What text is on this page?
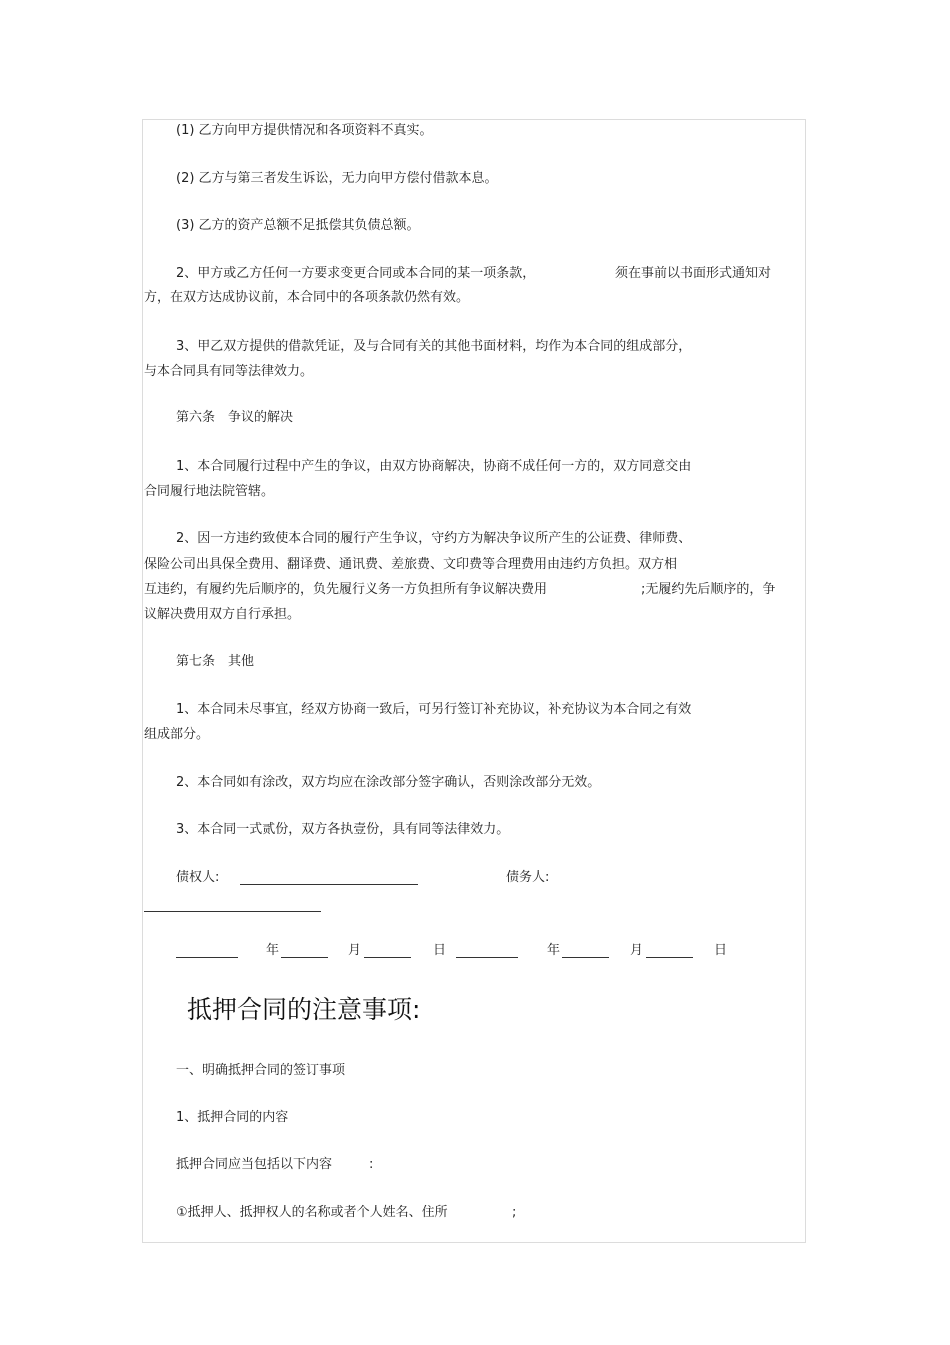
(1) 乙方向甲方提供情况和各项资料不真实。
(2) 乙方与第三者发生诉讼，无力向甲方偿付借款本息。
(3) 乙方的资产总额不足抵偿其负债总额。
2、甲方或乙方任何一方要求变更合同或本合同的某一项条款，	须在事前以书面形式通知对
方，在双方达成协议前，本合同中的各项条款仍然有效。
3、甲乙双方提供的借款凭证，及与合同有关的其他书面材料，均作为本合同的组成部分，
与本合同具有同等法律效力。
第六条　争议的解决
1、本合同履行过程中产生的争议，由双方协商解决，协商不成任何一方的，双方同意交由
合同履行地法院管辖。
2、因一方违约致使本合同的履行产生争议，守约方为解决争议所产生的公证费、律师费、
保险公司出具保全费用、翻译费、通讯费、差旅费、文印费等合理费用由违约方负担。双方相
互违约，有履约先后顺序的，负先履行义务一方负担所有争议解决费用	;无履约先后顺序的，争
议解决费用双方自行承担。
第七条　其他
1、本合同未尽事宜，经双方协商一致后，可另行签订补充协议，补充协议为本合同之有效
组成部分。
2、本合同如有涂改，双方均应在涂改部分签字确认，否则涂改部分无效。
3、本合同一式贰份，双方各执壹份，具有同等法律效力。
债权人:	债务人:
年	月	日	年	月	日
抵押合同的注意事项:
一、明确抵押合同的签订事项
1、抵押合同的内容
抵押合同应当包括以下内容	:
①抵押人、抵押权人的名称或者个人姓名、住所	;
